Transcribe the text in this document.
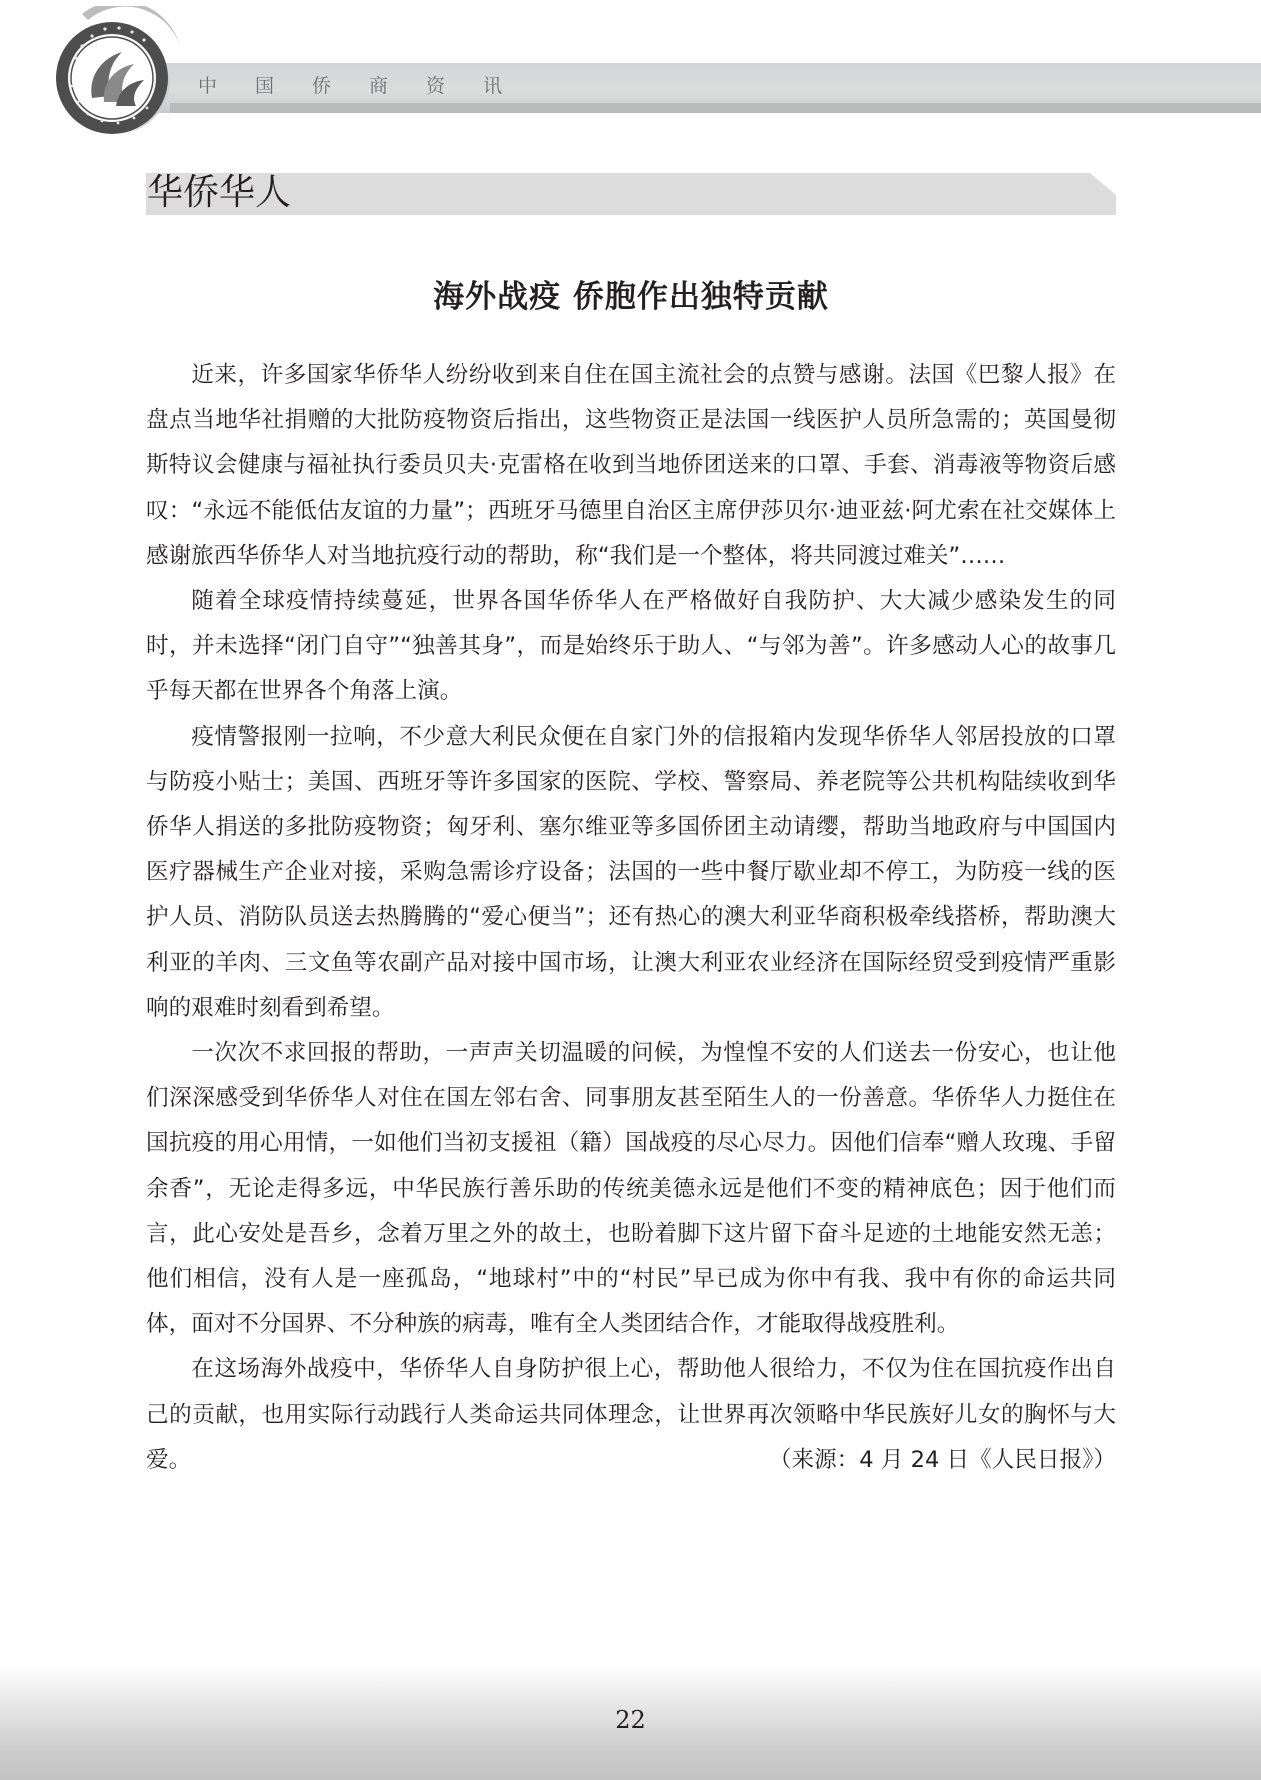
中国侨商资讯
华侨华人
海外战疫 侨胞作出独特贡献

近来，许多国家华侨华人纷纷收到来自住在国主流社会的点赞与感谢。法国《巴黎人报》在盘点当地华社捐赠的大批防疫物资后指出，这些物资正是法国一线医护人员所急需的；英国曼彻斯特议会健康与福祉执行委员贝夫·克雷格在收到当地侨团送来的口罩、手套、消毒液等物资后感叹：“永远不能低估友谊的力量”；西班牙马德里自治区主席伊莎贝尔·迪亚兹·阿尤索在社交媒体上感谢旅西华侨华人对当地抗疫行动的帮助，称“我们是一个整体，将共同渡过难关”……

随着全球疫情持续蔓延，世界各国华侨华人在严格做好自我防护、大大减少感染发生的同时，并未选择“闭门自守”“独善其身”，而是始终乐于助人、“与邻为善”。许多感动人心的故事几乎每天都在世界各个角落上演。

疫情警报刚一拉响，不少意大利民众便在自家门外的信报箱内发现华侨华人邻居投放的口罩与防疫小贴士；美国、西班牙等许多国家的医院、学校、警察局、养老院等公共机构陆续收到华侨华人捐送的多批防疫物资；匈牙利、塞尔维亚等多国侨团主动请缨，帮助当地政府与中国国内医疗器械生产企业对接，采购急需诊疗设备；法国的一些中餐厅歇业却不停工，为防疫一线的医护人员、消防队员送去热腾腾的“爱心便当”；还有热心的澳大利亚华商积极牵线搭桥，帮助澳大利亚的羊肉、三文鱼等农副产品对接中国市场，让澳大利亚农业经济在国际经贸受到疫情严重影响的艰难时刻看到希望。

一次次不求回报的帮助，一声声关切温暖的问候，为惶惶不安的人们送去一份安心，也让他们深深感受到华侨华人对住在国左邻右舍、同事朋友甚至陌生人的一份善意。华侨华人力挺住在国抗疫的用心用情，一如他们当初支援祖（籍）国战疫的尽心尽力。因他们信奉“赠人玫瑰、手留余香”，无论走得多远，中华民族行善乐助的传统美德永远是他们不变的精神底色；因于他们而言，此心安处是吾乡，念着万里之外的故土，也盼着脚下这片留下奋斗足迹的土地能安然无恙；他们相信，没有人是一座孤岛，“地球村”中的“村民”早已成为你中有我、我中有你的命运共同体，面对不分国界、不分种族的病毒，唯有全人类团结合作，才能取得战疫胜利。

在这场海外战疫中，华侨华人自身防护很上心，帮助他人很给力，不仅为住在国抗疫作出自己的贡献，也用实际行动践行人类命运共同体理念，让世界再次领略中华民族好儿女的胸怀与大爱。	（来源：4 月 24 日《人民日报》）

22
